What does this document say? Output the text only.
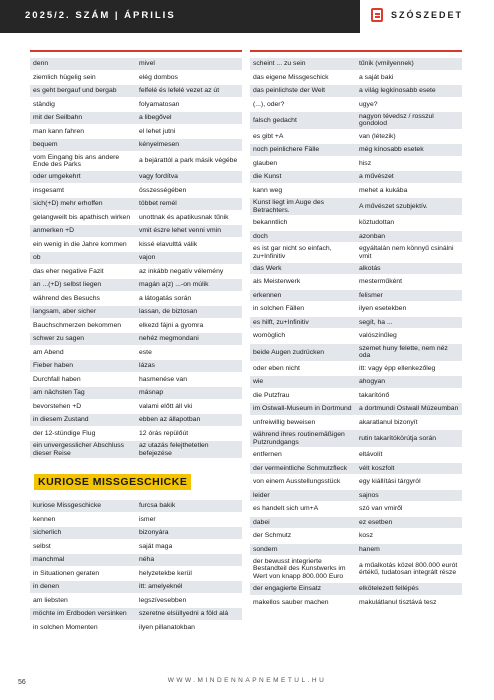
2025/2. SZÁM | ÁPRILIS	SZÓSZEDET
denn	mivel
ziemlich hügelig sein	elég dombos
es geht bergauf und bergab	felfelé és lefelé vezet az út
ständig	folyamatosan
mit der Seilbahn	a libegővel
man kann fahren	el lehet jutni
bequem	kényelmesen
vom Eingang bis ans andere Ende des Parks	a bejárattól a park másik végébe
oder umgekehrt	vagy fordítva
insgesamt	összességében
sich(+D) mehr erhoffen	többet remél
gelangweilt bis apathisch wirken	unottnak és apatikusnak tűnik
anmerken +D	vmit észre lehet venni vmin
ein wenig in die Jahre kommen	kissé elavulttá válik
ob	vajon
das eher negative Fazit	az inkább negatív vélemény
an ...(+D) selbst liegen	magán a(z) ...-on múlik
während des Besuchs	a látogatás során
langsam, aber sicher	lassan, de biztosan
Bauchschmerzen bekommen	elkezd fájni a gyomra
schwer zu sagen	nehéz megmondani
am Abend	este
Fieber haben	lázas
Durchfall haben	hasmenése van
am nächsten Tag	másnap
bevorstehen +D	valami előtt áll vki
in diesem Zustand	ebben az állapotban
der 12-stündige Flug	12 órás repülőút
ein unvergesslicher Abschluss dieser Reise	az utazás felejthetetlen befejezése
KURIOSE MISSGESCHICKE
kuriose Missgeschicke	furcsa bakik
kennen	ismer
sicherlich	bizonyára
selbst	saját maga
manchmal	néha
in Situationen geraten	helyzetekbe kerül
in denen	itt: amelyeknél
am liebsten	legszívesebben
möchte im Erdboden versinken	szeretne elsüllyedni a föld alá
in solchen Momenten	ilyen pillanatokban
scheint ... zu sein	tűnik (vmilyennek)
das eigene Missgeschick	a saját baki
das peinlichste der Welt	a világ legkínosabb esete
(...), oder?	ugye?
falsch gedacht	nagyon tévedsz / rosszul gondolod
es gibt +A	van (létezik)
noch peinlichere Fälle	még kínosabb esetek
glauben	hisz
die Kunst	a művészet
kann weg	mehet a kukába
Kunst liegt im Auge des Betrachters.	A művészet szubjektív.
bekanntlich	köztudottan
doch	azonban
es ist gar nicht so einfach, zu+Infinitiv	egyáltalán nem könnyű csinálni vmit
das Werk	alkotás
als Meisterwerk	mesterműként
erkennen	felismer
in solchen Fällen	ilyen esetekben
es hilft, zu+Infinitiv	segít, ha ...
womöglich	valószínűleg
beide Augen zudrücken	szemet huny felette, nem néz oda
oder eben nicht	itt: vagy épp ellenkezőleg
wie	ahogyan
die Putzfrau	takarítónő
im Ostwall-Museum in Dortmund	a dortmundi Ostwall Múzeumban
unfreiwillig beweisen	akaratlanul bizonyít
während ihres routinemäßigen Putzrundgangs	rutin takarítókörútja során
entfernen	eltávolít
der vermeintliche Schmutzfleck	vélt koszfolt
von einem Ausstellungsstück	egy kiállítási tárgyról
leider	sajnos
es handelt sich um+A	szó van vmiről
dabei	ez esetben
der Schmutz	kosz
sondern	hanem
der bewusst integrierte Bestandteil des Kunstwerks im Wert von knapp 800.000 Euro	a műalkotás közel 800.000 eurót értékű, tudatosan integrált része
der engagierte Einsatz	elkötelezett fellépés
makellos sauber machen	makulátlanul tisztává tesz
56	WWW.MINDENNAPNEMETUL.HU
